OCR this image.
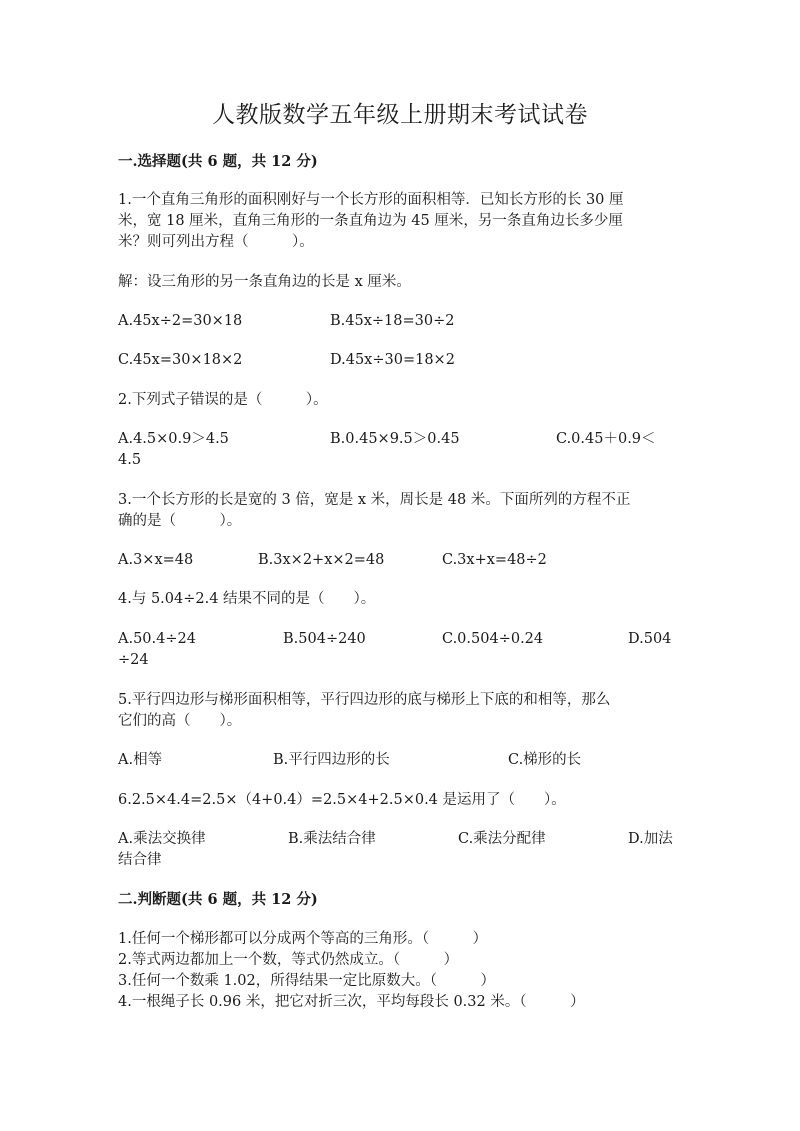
人教版数学五年级上册期末考试试卷
一.选择题(共 6 题，共 12 分)
1.一个直角三角形的面积刚好与一个长方形的面积相等．已知长方形的长 30 厘
米，宽 18 厘米，直角三角形的一条直角边为 45 厘米，另一条直角边长多少厘
米？则可列出方程（　　　）。
解：设三角形的另一条直角边的长是 x 厘米。
A.45x÷2=30×18	B.45x÷18=30÷2
C.45x=30×18×2	D.45x÷30=18×2
2.下列式子错误的是（　　　）。
A.4.5×0.9＞4.5	B.0.45×9.5＞0.45	C.0.45＋0.9＜
4.5
3.一个长方形的长是宽的 3 倍，宽是 x 米，周长是 48 米。下面所列的方程不正
确的是（　　　）。
A.3×x=48	B.3x×2+x×2=48	C.3x+x=48÷2
4.与 5.04÷2.4 结果不同的是（　　）。
A.50.4÷24	B.504÷240	C.0.504÷0.24	D.504
÷24
5.平行四边形与梯形面积相等，平行四边形的底与梯形上下底的和相等，那么
它们的高（　　）。
A.相等	B.平行四边形的长	C.梯形的长
6.2.5×4.4=2.5×（4+0.4）=2.5×4+2.5×0.4 是运用了（　　）。
A.乘法交换律	B.乘法结合律	C.乘法分配律	D.加法
结合律
二.判断题(共 6 题，共 12 分)
1.任何一个梯形都可以分成两个等高的三角形。（　　　）
2.等式两边都加上一个数，等式仍然成立。（　　　）
3.任何一个数乘 1.02，所得结果一定比原数大。（　　　）
4.一根绳子长 0.96 米，把它对折三次，平均每段长 0.32 米。（　　　）
